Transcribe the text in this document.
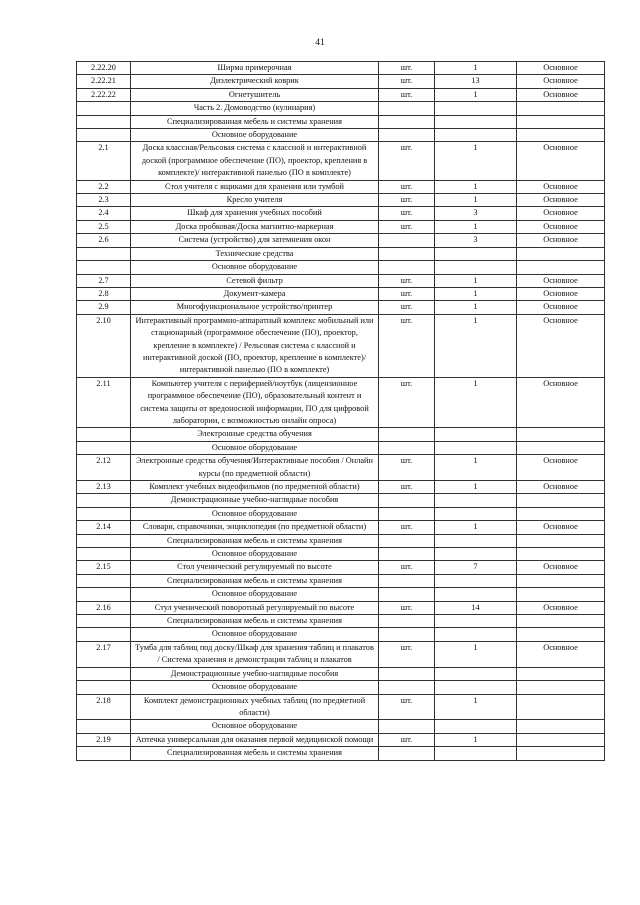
41
2.22.20	Ширма примерочная	шт.	1	Основное
2.22.21	Диэлектрический коврик	шт.	13	Основное
2.22.22	Огнетушитель	шт.	1	Основное
	Часть 2. Домоводство (кулинария)			
	Специализированная мебель и системы хранения			
	Основное оборудование			
2.1	Доска классная/Рельсовая система с классной и интерактивной доской (программное обеспечение (ПО), проектор, крепления в комплекте)/ интерактивной панелью (ПО в комплекте)	шт.	1	Основное
2.2	Стол учителя с ящиками для хранения или тумбой	шт.	1	Основное
2.3	Кресло учителя	шт.	1	Основное
2.4	Шкаф для хранения учебных пособий	шт.	3	Основное
2.5	Доска пробковая/Доска магнитно-маркерная	шт.	1	Основное
2.6	Система (устройство) для затемнения окон		3	Основное
	Технические средства			
	Основное оборудование			
2.7	Сетевой фильтр	шт.	1	Основное
2.8	Документ-камера	шт.	1	Основное
2.9	Многофункциональное устройство/принтер	шт.	1	Основное
2.10	Интерактивный программно-аппаратный комплекс мобильный или стационарный (программное обеспечение (ПО), проектор, крепление в комплекте) / Рельсовая система с классной и интерактивной доской (ПО, проектор, крепление в комплекте)/ интерактивной панелью (ПО в комплекте)	шт.	1	Основное
2.11	Компьютер учителя с периферией/ноутбук (лицензионное программное обеспечение (ПО), образовательный контент и система защиты от вредоносной информации, ПО для цифровой лаборатории, с возможностью онлайн опроса)	шт.	1	Основное
	Электронные средства обучения			
	Основное оборудование			
2.12	Электронные средства обучения/Интерактивные пособия / Онлайн курсы (по предметной области)	шт.	1	Основное
2.13	Комплект учебных видеофильмов (по предметной области)	шт.	1	Основное
	Демонстрационные учебно-наглядные пособия			
	Основное оборудование			
2.14	Словари, справочники, энциклопедия (по предметной области)	шт.	1	Основное
	Специализированная мебель и системы хранения			
	Основное оборудование			
2.15	Стол ученический регулируемый по высоте	шт.	7	Основное
	Специализированная мебель и системы хранения			
	Основное оборудование			
2.16	Стул ученический поворотный регулируемый по высоте	шт.	14	Основное
	Специализированная мебель и системы хранения			
	Основное оборудование			
2.17	Тумба для таблиц под доску/Шкаф для хранения таблиц и плакатов / Система хранения и демонстрации таблиц и плакатов	шт.	1	Основное
	Демонстрационные учебно-наглядные пособия			
	Основное оборудование			
2.18	Комплект демонстрационных учебных таблиц (по предметной области)	шт.	1	
	Основное оборудование			
2.19	Аптечка универсальная для оказания первой медицинской помощи	шт.	1	
	Специализированная мебель и системы хранения			
